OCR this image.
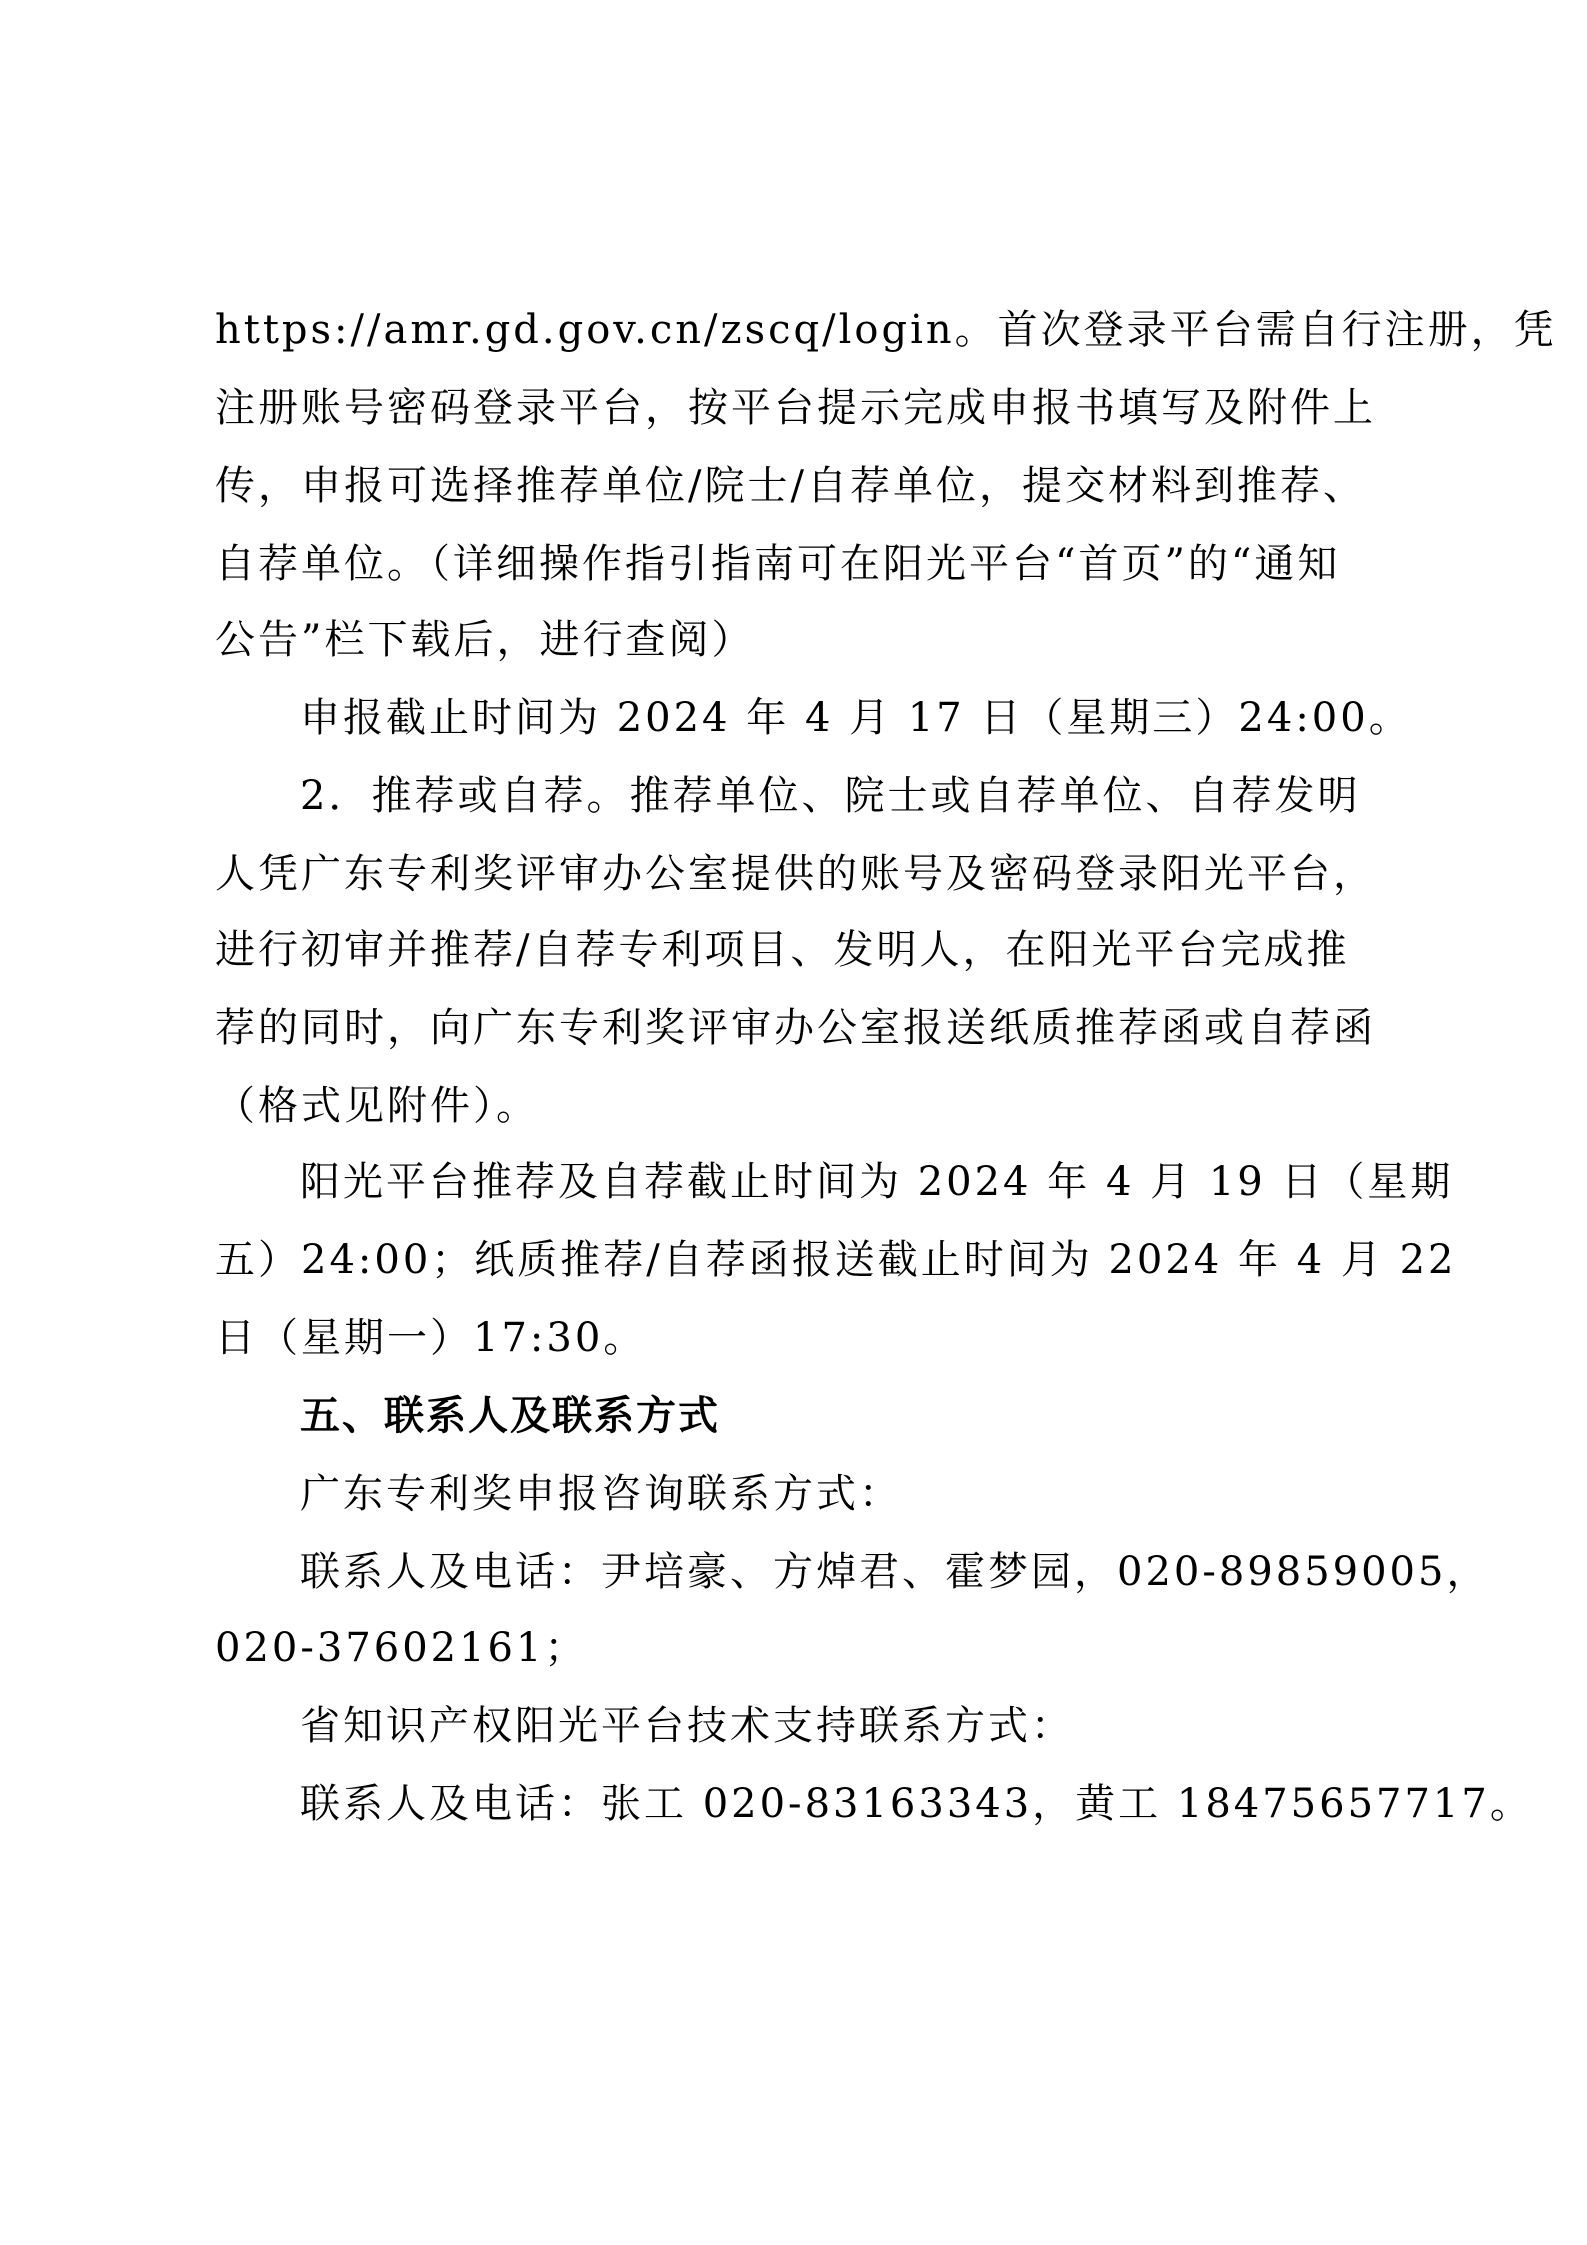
https://amr.gd.gov.cn/zscq/login。首次登录平台需自行注册，凭
注册账号密码登录平台，按平台提示完成申报书填写及附件上
传，申报可选择推荐单位/院士/自荐单位，提交材料到推荐、
自荐单位。（详细操作指引指南可在阳光平台“首页”的“通知
公告”栏下载后，进行查阅）
申报截止时间为 2024 年 4 月 17 日（星期三）24:00。
2．推荐或自荐。推荐单位、院士或自荐单位、自荐发明
人凭广东专利奖评审办公室提供的账号及密码登录阳光平台，
进行初审并推荐/自荐专利项目、发明人，在阳光平台完成推
荐的同时，向广东专利奖评审办公室报送纸质推荐函或自荐函
（格式见附件）。
阳光平台推荐及自荐截止时间为 2024 年 4 月 19 日（星期
五）24:00；纸质推荐/自荐函报送截止时间为 2024 年 4 月 22
日（星期一）17:30。
五、联系人及联系方式
广东专利奖申报咨询联系方式：
联系人及电话：尹培豪、方焯君、霍梦园，020-89859005，
020-37602161；
省知识产权阳光平台技术支持联系方式：
联系人及电话：张工 020-83163343，黄工 18475657717。
